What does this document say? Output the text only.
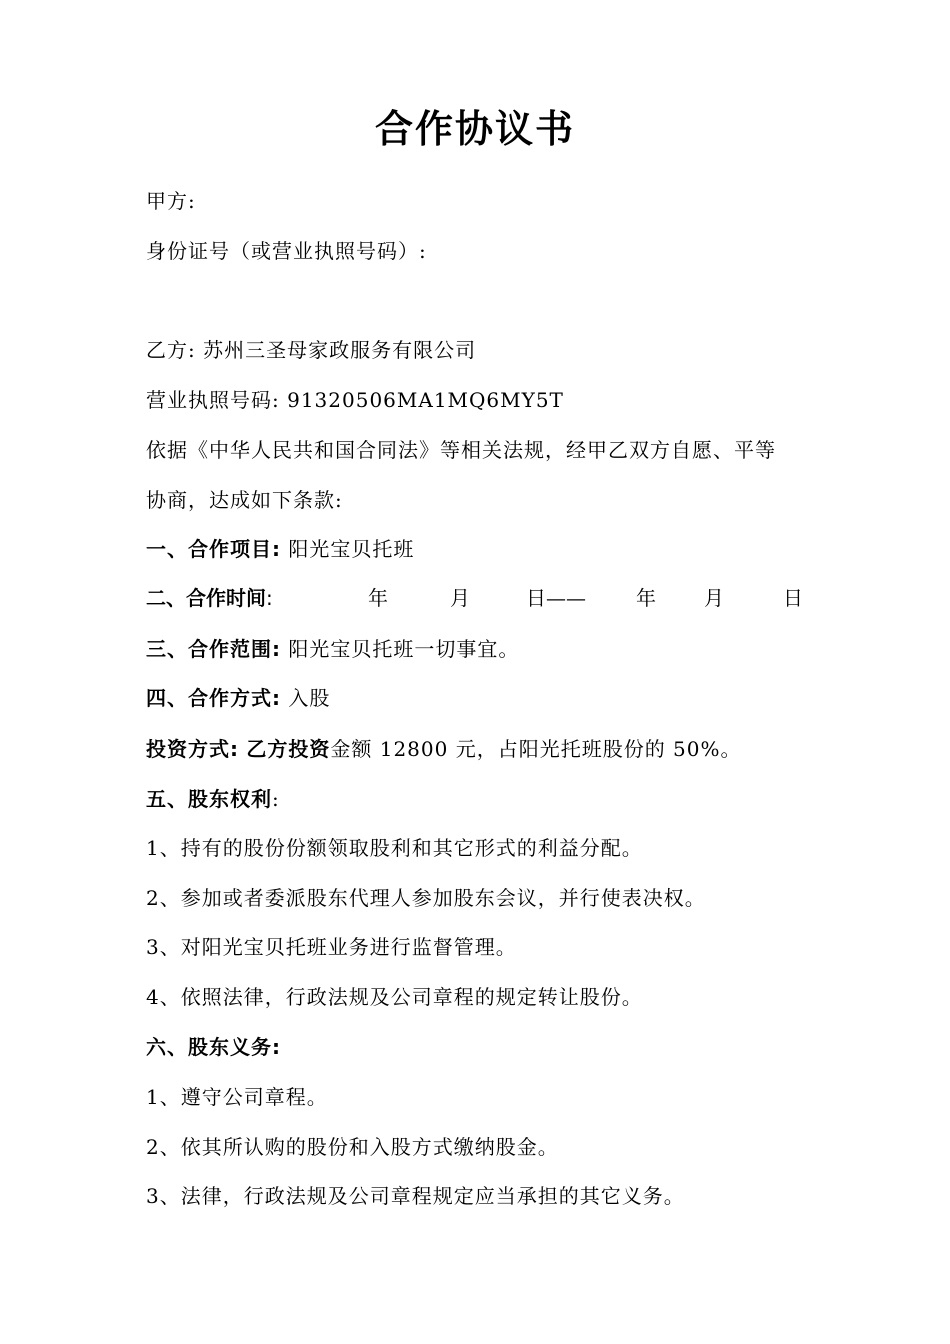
合作协议书
甲方:
身份证号（或营业执照号码）:
乙方: 苏州三圣母家政服务有限公司
营业执照号码: 91320506MA1MQ6MY5T
依据《中华人民共和国合同法》等相关法规，经甲乙双方自愿、平等
协商，达成如下条款:
一、合作项目: 阳光宝贝托班
二、合作时间:	年	月	日——	年 月	日
三、合作范围: 阳光宝贝托班一切事宜。
四、合作方式: 入股
投资方式: 乙方投资金额 12800 元，占阳光托班股份的 50%。
五、股东权利:
1、持有的股份份额领取股利和其它形式的利益分配。
2、参加或者委派股东代理人参加股东会议，并行使表决权。
3、对阳光宝贝托班业务进行监督管理。
4、依照法律，行政法规及公司章程的规定转让股份。
六、股东义务:
1、遵守公司章程。
2、依其所认购的股份和入股方式缴纳股金。
3、法律，行政法规及公司章程规定应当承担的其它义务。
